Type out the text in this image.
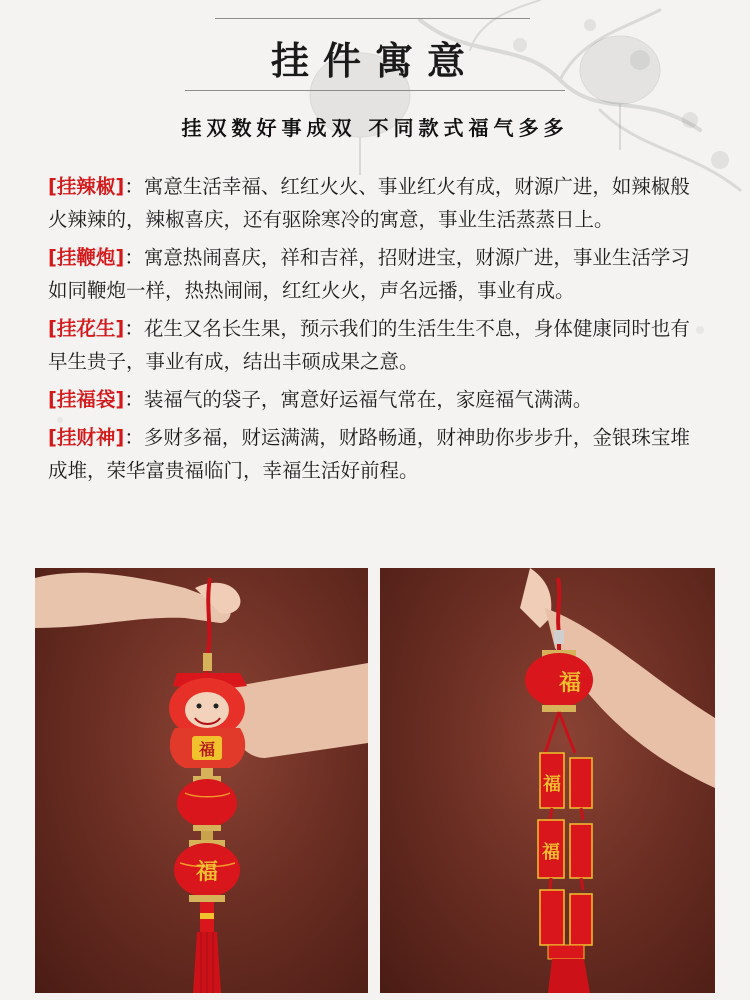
挂件寓意
挂双数好事成双 不同款式福气多多
[挂辣椒]：寓意生活幸福、红红火火、事业红火有成，财源广进，如辣椒般火辣辣的，辣椒喜庆，还有驱除寒冷的寓意，事业生活蒸蒸日上。
[挂鞭炮]：寓意热闹喜庆，祥和吉祥，招财进宝，财源广进，事业生活学习如同鞭炮一样，热热闹闹，红红火火，声名远播，事业有成。
[挂花生]：花生又名长生果，预示我们的生活生生不息，身体健康同时也有早生贵子，事业有成，结出丰硕成果之意。
[挂福袋]：装福气的袋子，寓意好运福气常在，家庭福气满满。
[挂财神]：多财多福，财运满满，财路畅通，财神助你步步升，金银珠宝堆成堆，荣华富贵福临门，幸福生活好前程。
福
福
福
福
福
